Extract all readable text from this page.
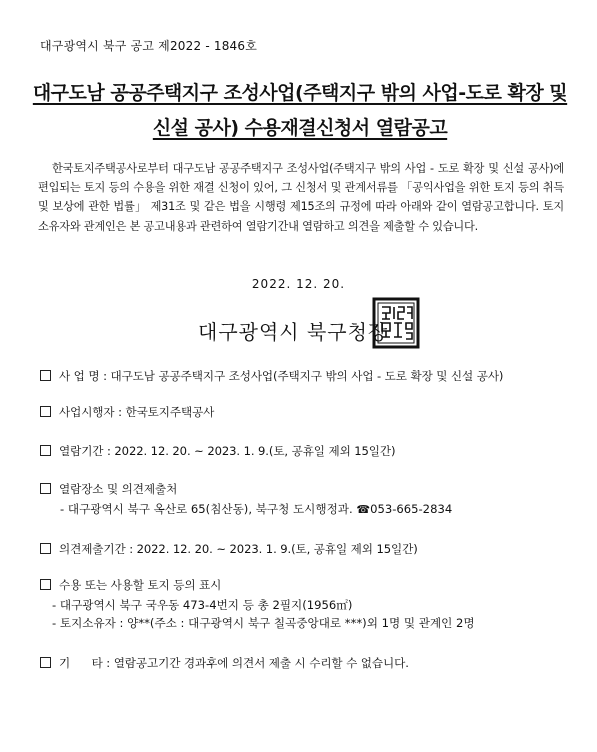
대구광역시 북구 공고 제2022 - 1846호
대구도남 공공주택지구 조성사업(주택지구 밖의 사업-도로 확장 및
신설 공사) 수용재결신청서 열람공고
한국토지주택공사로부터 대구도남 공공주택지구 조성사업(주택지구 밖의 사업 - 도로 확장 및 신설 공사)에 편입되는 토지 등의 수용을 위한 재결 신청이 있어, 그 신청서 및 관계서류를 「공익사업을 위한 토지 등의 취득 및 보상에 관한 법률」 제31조 및 같은 법을 시행령 제15조의 규정에 따라 아래와 같이 열람공고합니다. 토지소유자와 관계인은 본 공고내용과 관련하여 열람기간내 열람하고 의견을 제출할 수 있습니다.
2022. 12. 20.
대구광역시 북구청장
사 업 명 : 대구도남 공공주택지구 조성사업(주택지구 밖의 사업 - 도로 확장 및 신설 공사)
사업시행자 : 한국토지주택공사
열람기간 : 2022. 12. 20. ~ 2023. 1. 9.(토, 공휴일 제외 15일간)
열람장소 및 의견제출처
- 대구광역시 북구 옥산로 65(침산동), 북구청 도시행정과. ☎053-665-2834
의견제출기간 : 2022. 12. 20. ~ 2023. 1. 9.(토, 공휴일 제외 15일간)
수용 또는 사용할 토지 등의 표시
- 대구광역시 북구 국우동 473-4번지 등 총 2필지(1956㎡)
- 토지소유자 : 양**(주소 : 대구광역시 북구 칠곡중앙대로 ***)외 1명 및 관계인 2명
기      타 : 열람공고기간 경과후에 의견서 제출 시 수리할 수 없습니다.
